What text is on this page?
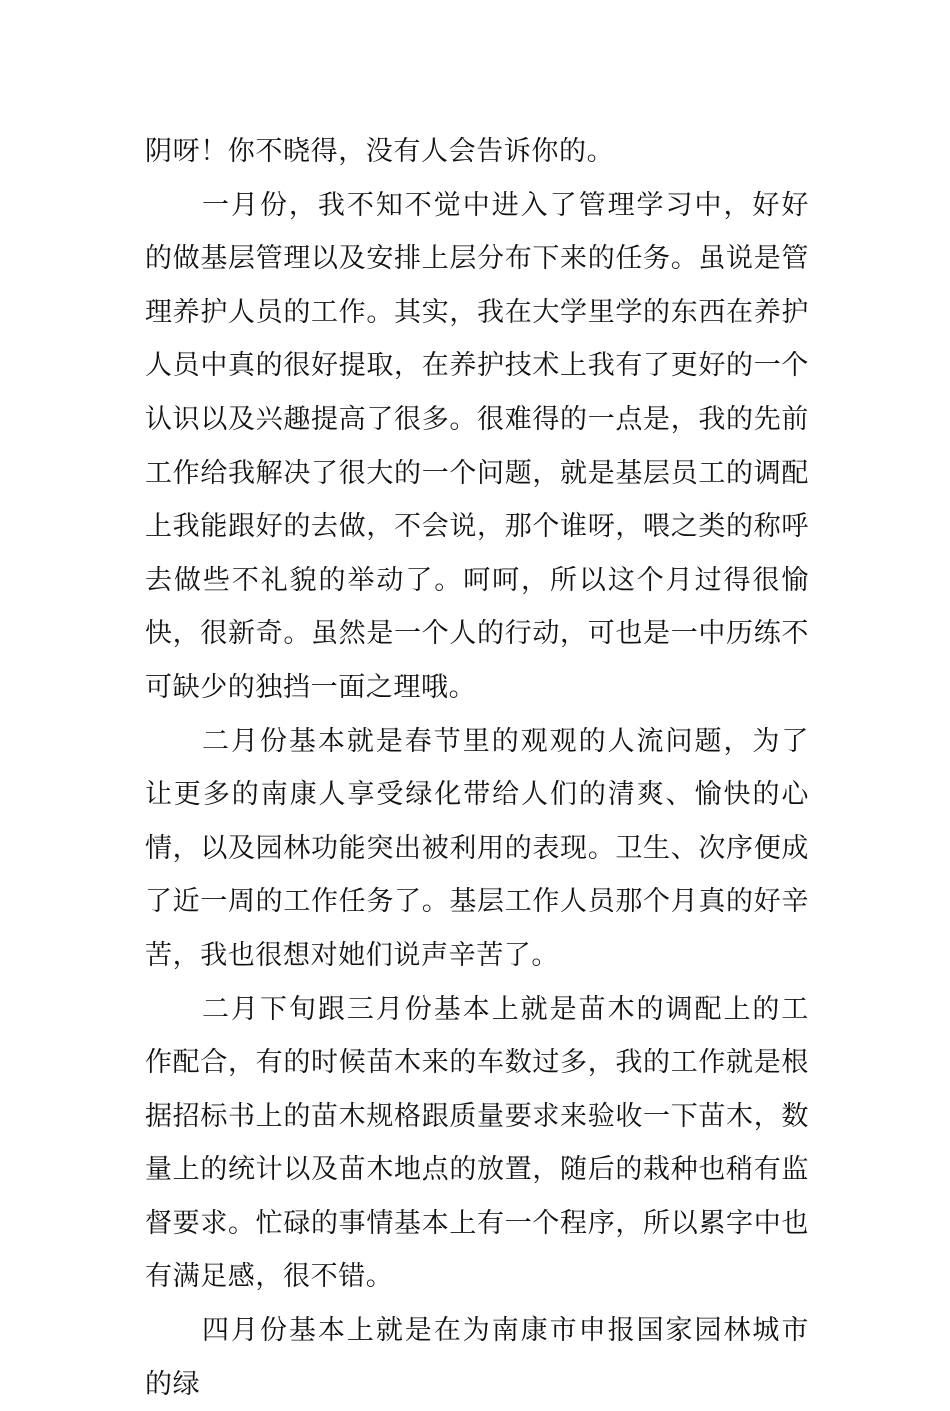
阴呀！你不晓得，没有人会告诉你的。

一月份，我不知不觉中进入了管理学习中，好好的做基层管理以及安排上层分布下来的任务。虽说是管理养护人员的工作。其实，我在大学里学的东西在养护人员中真的很好提取，在养护技术上我有了更好的一个认识以及兴趣提高了很多。很难得的一点是，我的先前工作给我解决了很大的一个问题，就是基层员工的调配上我能跟好的去做，不会说，那个谁呀，喂之类的称呼去做些不礼貌的举动了。呵呵，所以这个月过得很愉快，很新奇。虽然是一个人的行动，可也是一中历练不可缺少的独挡一面之理哦。

二月份基本就是春节里的观观的人流问题，为了让更多的南康人享受绿化带给人们的清爽、愉快的心情，以及园林功能突出被利用的表现。卫生、次序便成了近一周的工作任务了。基层工作人员那个月真的好辛苦，我也很想对她们说声辛苦了。

二月下旬跟三月份基本上就是苗木的调配上的工作配合，有的时候苗木来的车数过多，我的工作就是根据招标书上的苗木规格跟质量要求来验收一下苗木，数量上的统计以及苗木地点的放置，随后的栽种也稍有监督要求。忙碌的事情基本上有一个程序，所以累字中也有满足感，很不错。

四月份基本上就是在为南康市申报国家园林城市的绿
